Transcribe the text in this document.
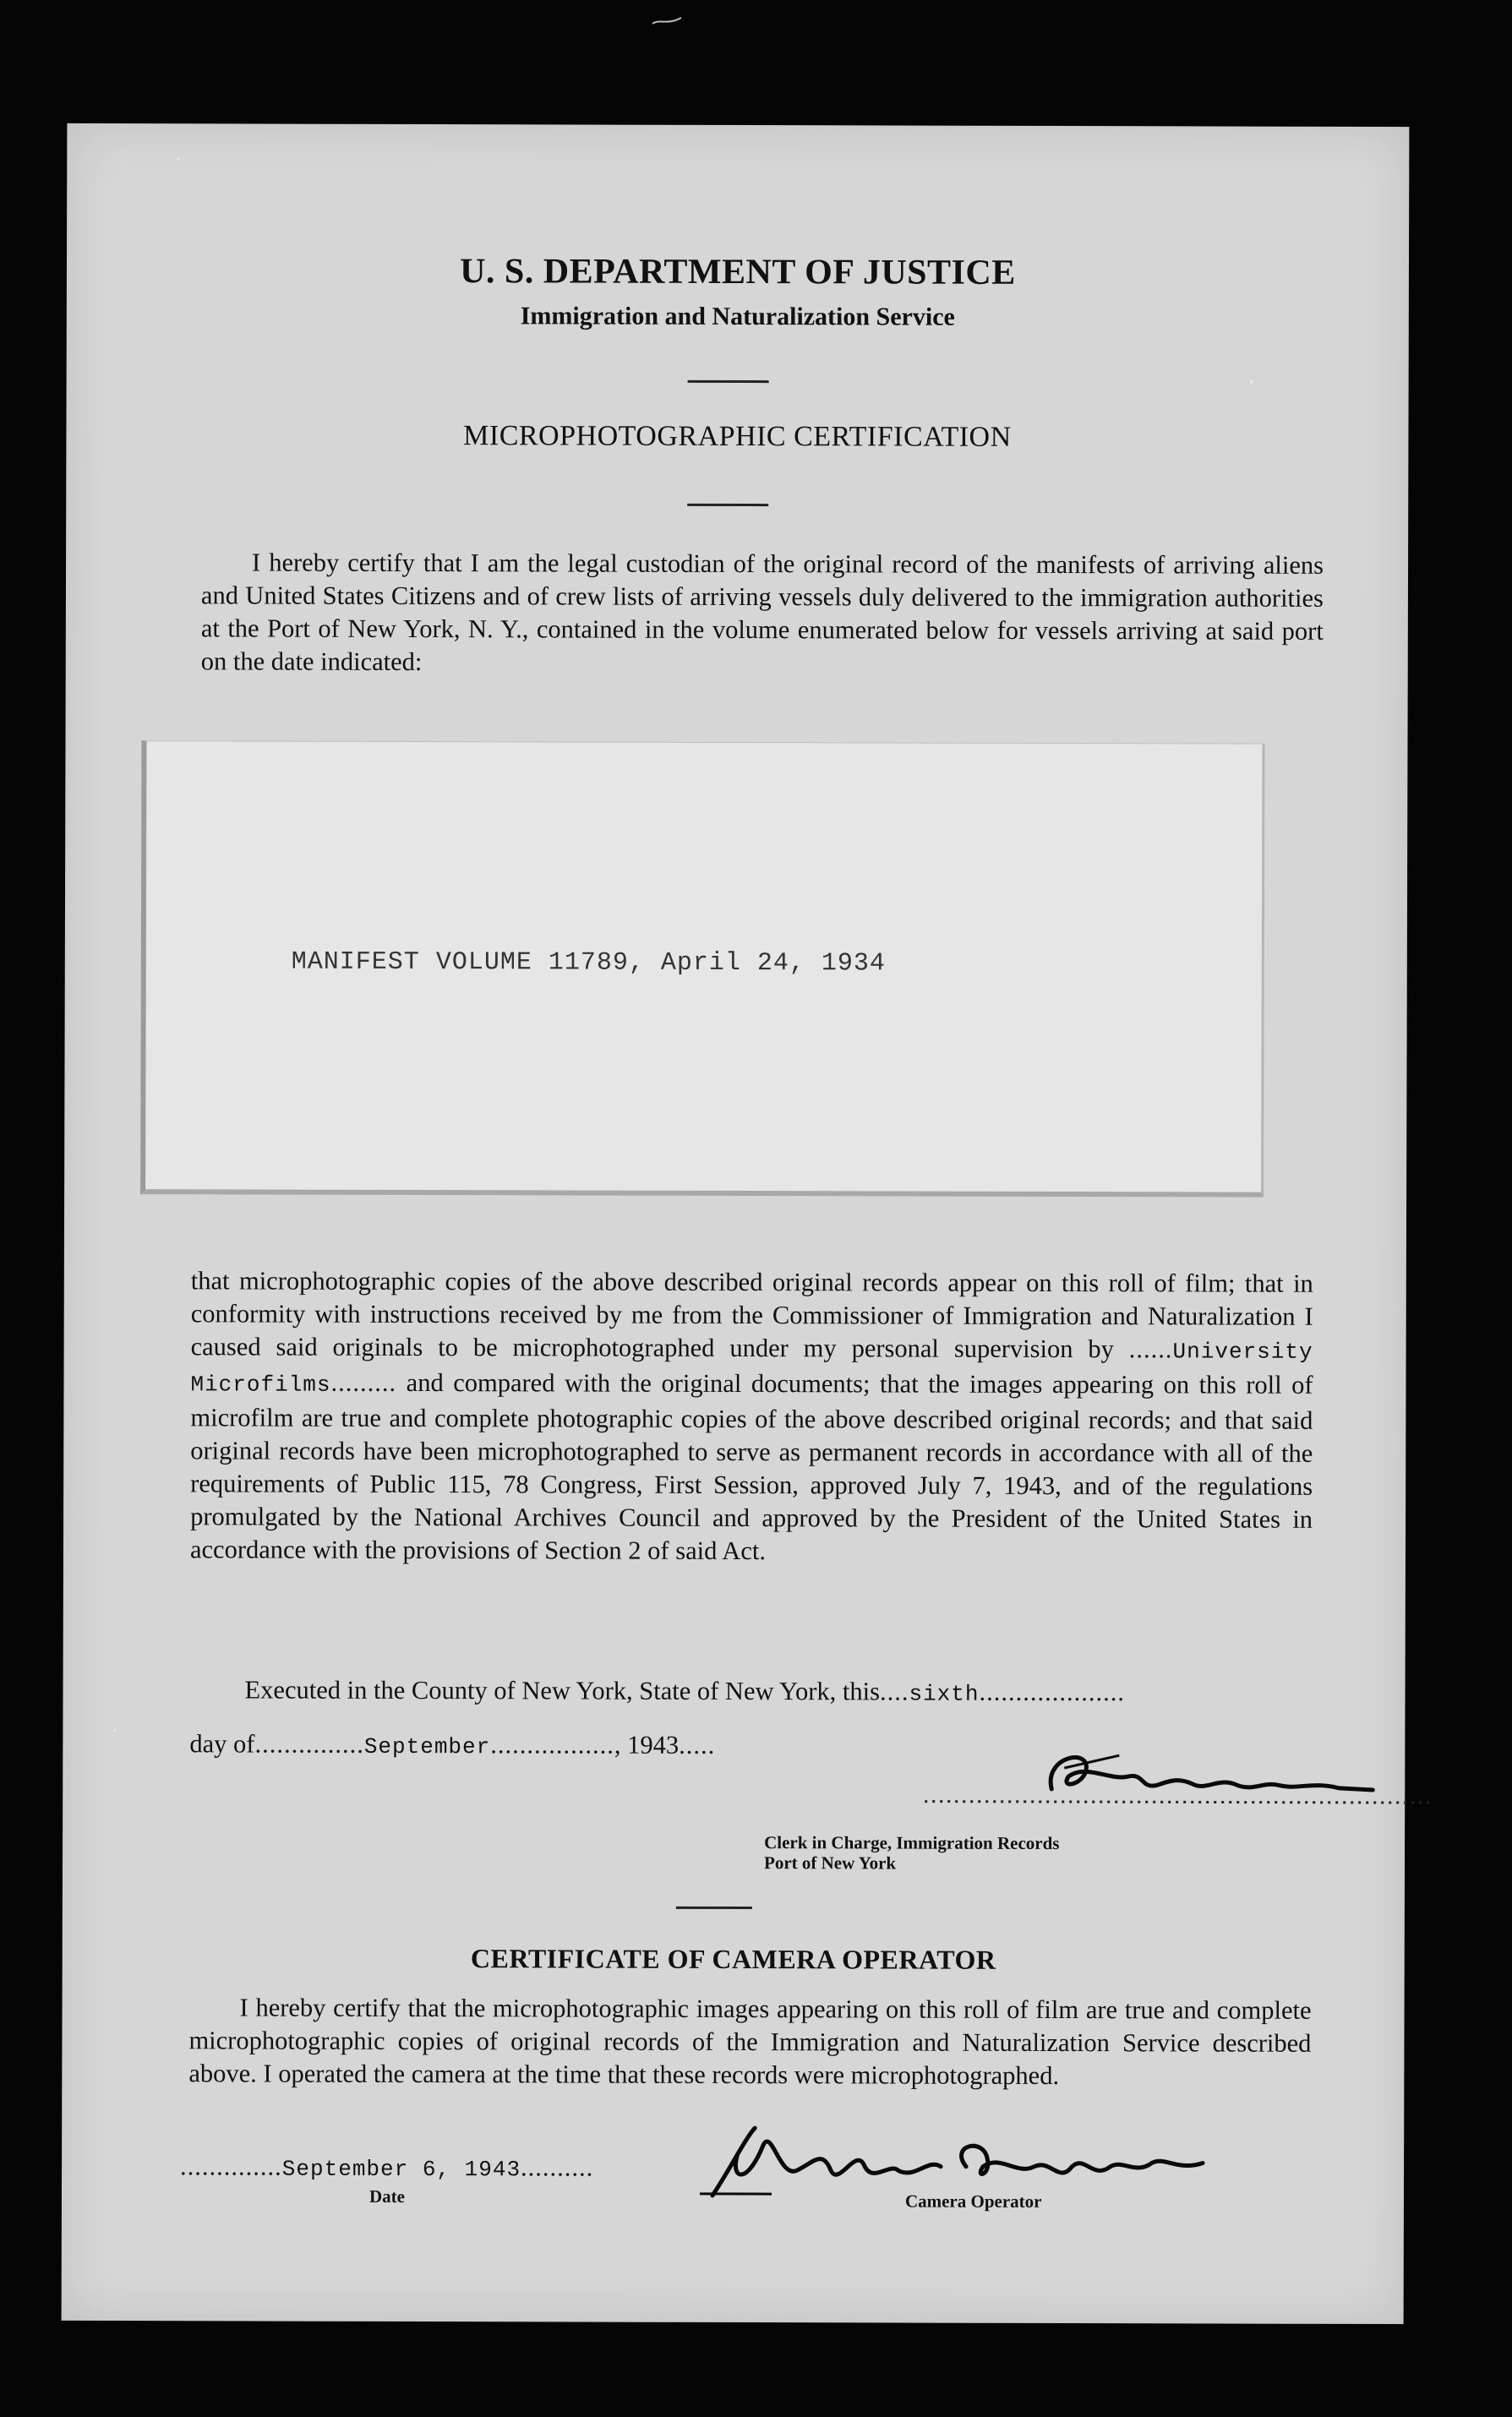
U. S. DEPARTMENT OF JUSTICE
Immigration and Naturalization Service
MICROPHOTOGRAPHIC CERTIFICATION

I hereby certify that I am the legal custodian of the original record of the manifests of arriving aliens and United States Citizens and of crew lists of arriving vessels duly delivered to the immigration authorities at the Port of New York, N. Y., contained in the volume enumerated below for vessels arriving at said port on the date indicated:

MANIFEST VOLUME 11789, April 24, 1934

that microphotographic copies of the above described original records appear on this roll of film; that in conformity with instructions received by me from the Commissioner of Immigration and Naturalization I caused said originals to be microphotographed under my personal supervision by ......University Microfilms......... and compared with the original documents; that the images appearing on this roll of microfilm are true and complete photographic copies of the above described original records; and that said original records have been microphotographed to serve as permanent records in accordance with all of the requirements of Public 115, 78 Congress, First Session, approved July 7, 1943, and of the regulations promulgated by the National Archives Council and approved by the President of the United States in accordance with the provisions of Section 2 of said Act.

Executed in the County of New York, State of New York, this....sixth....................
day of...............September................., 1943.....
Clerk in Charge, Immigration Records
Port of New York
CERTIFICATE OF CAMERA OPERATOR

I hereby certify that the microphotographic images appearing on this roll of film are true and complete microphotographic copies of original records of the Immigration and Naturalization Service described above. I operated the camera at the time that these records were microphotographed.

..............September 6, 1943..........
Date	Camera Operator
